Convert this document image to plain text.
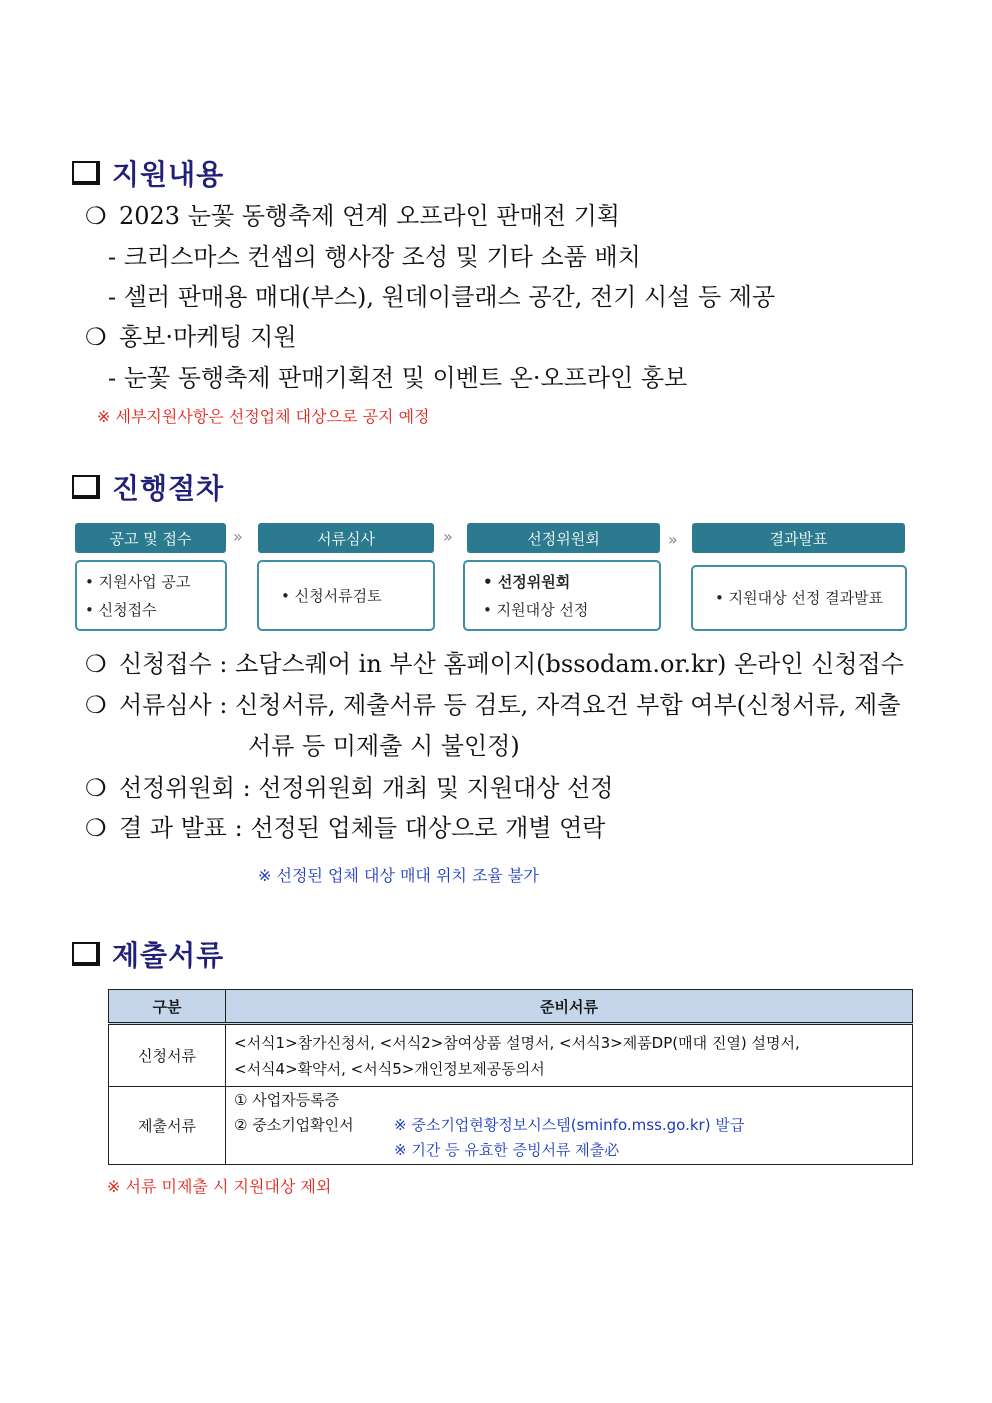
지원내용
❍ 2023 눈꽃 동행축제 연계 오프라인 판매전 기획
- 크리스마스 컨셉의 행사장 조성 및 기타 소품 배치
- 셀러 판매용 매대(부스), 원데이클래스 공간, 전기 시설 등 제공
❍ 홍보·마케팅 지원
- 눈꽃 동행축제 판매기획전 및 이벤트 온·오프라인 홍보
※ 세부지원사항은 선정업체 대상으로 공지 예정
진행절차
공고 및 접수
• 지원사업 공고
• 신청접수
»	서류심사
• 신청서류검토
»	선정위원회
• 선정위원회
• 지원대상 선정
»	결과발표
• 지원대상 선정 결과발표
❍ 신청접수 : 소담스퀘어 in 부산 홈페이지(bssodam.or.kr) 온라인 신청접수
❍ 서류심사 : 신청서류, 제출서류 등 검토, 자격요건 부합 여부(신청서류, 제출
서류 등 미제출 시 불인정)
❍ 선정위원회 : 선정위원회 개최 및 지원대상 선정
❍ 결 과 발표 : 선정된 업체들 대상으로 개별 연락
※ 선정된 업체 대상 매대 위치 조율 불가
제출서류
구분	준비서류
신청서류	<서식1>참가신청서, <서식2>참여상품 설명서, <서식3>제품DP(매대 진열) 설명서,
<서식4>확약서, <서식5>개인정보제공동의서

제출서류	① 사업자등록증
② 중소기업확인서 ※ 중소기업현황정보시스템(sminfo.mss.go.kr) 발급
※ 기간 등 유효한 증빙서류 제출必
※ 서류 미제출 시 지원대상 제외
